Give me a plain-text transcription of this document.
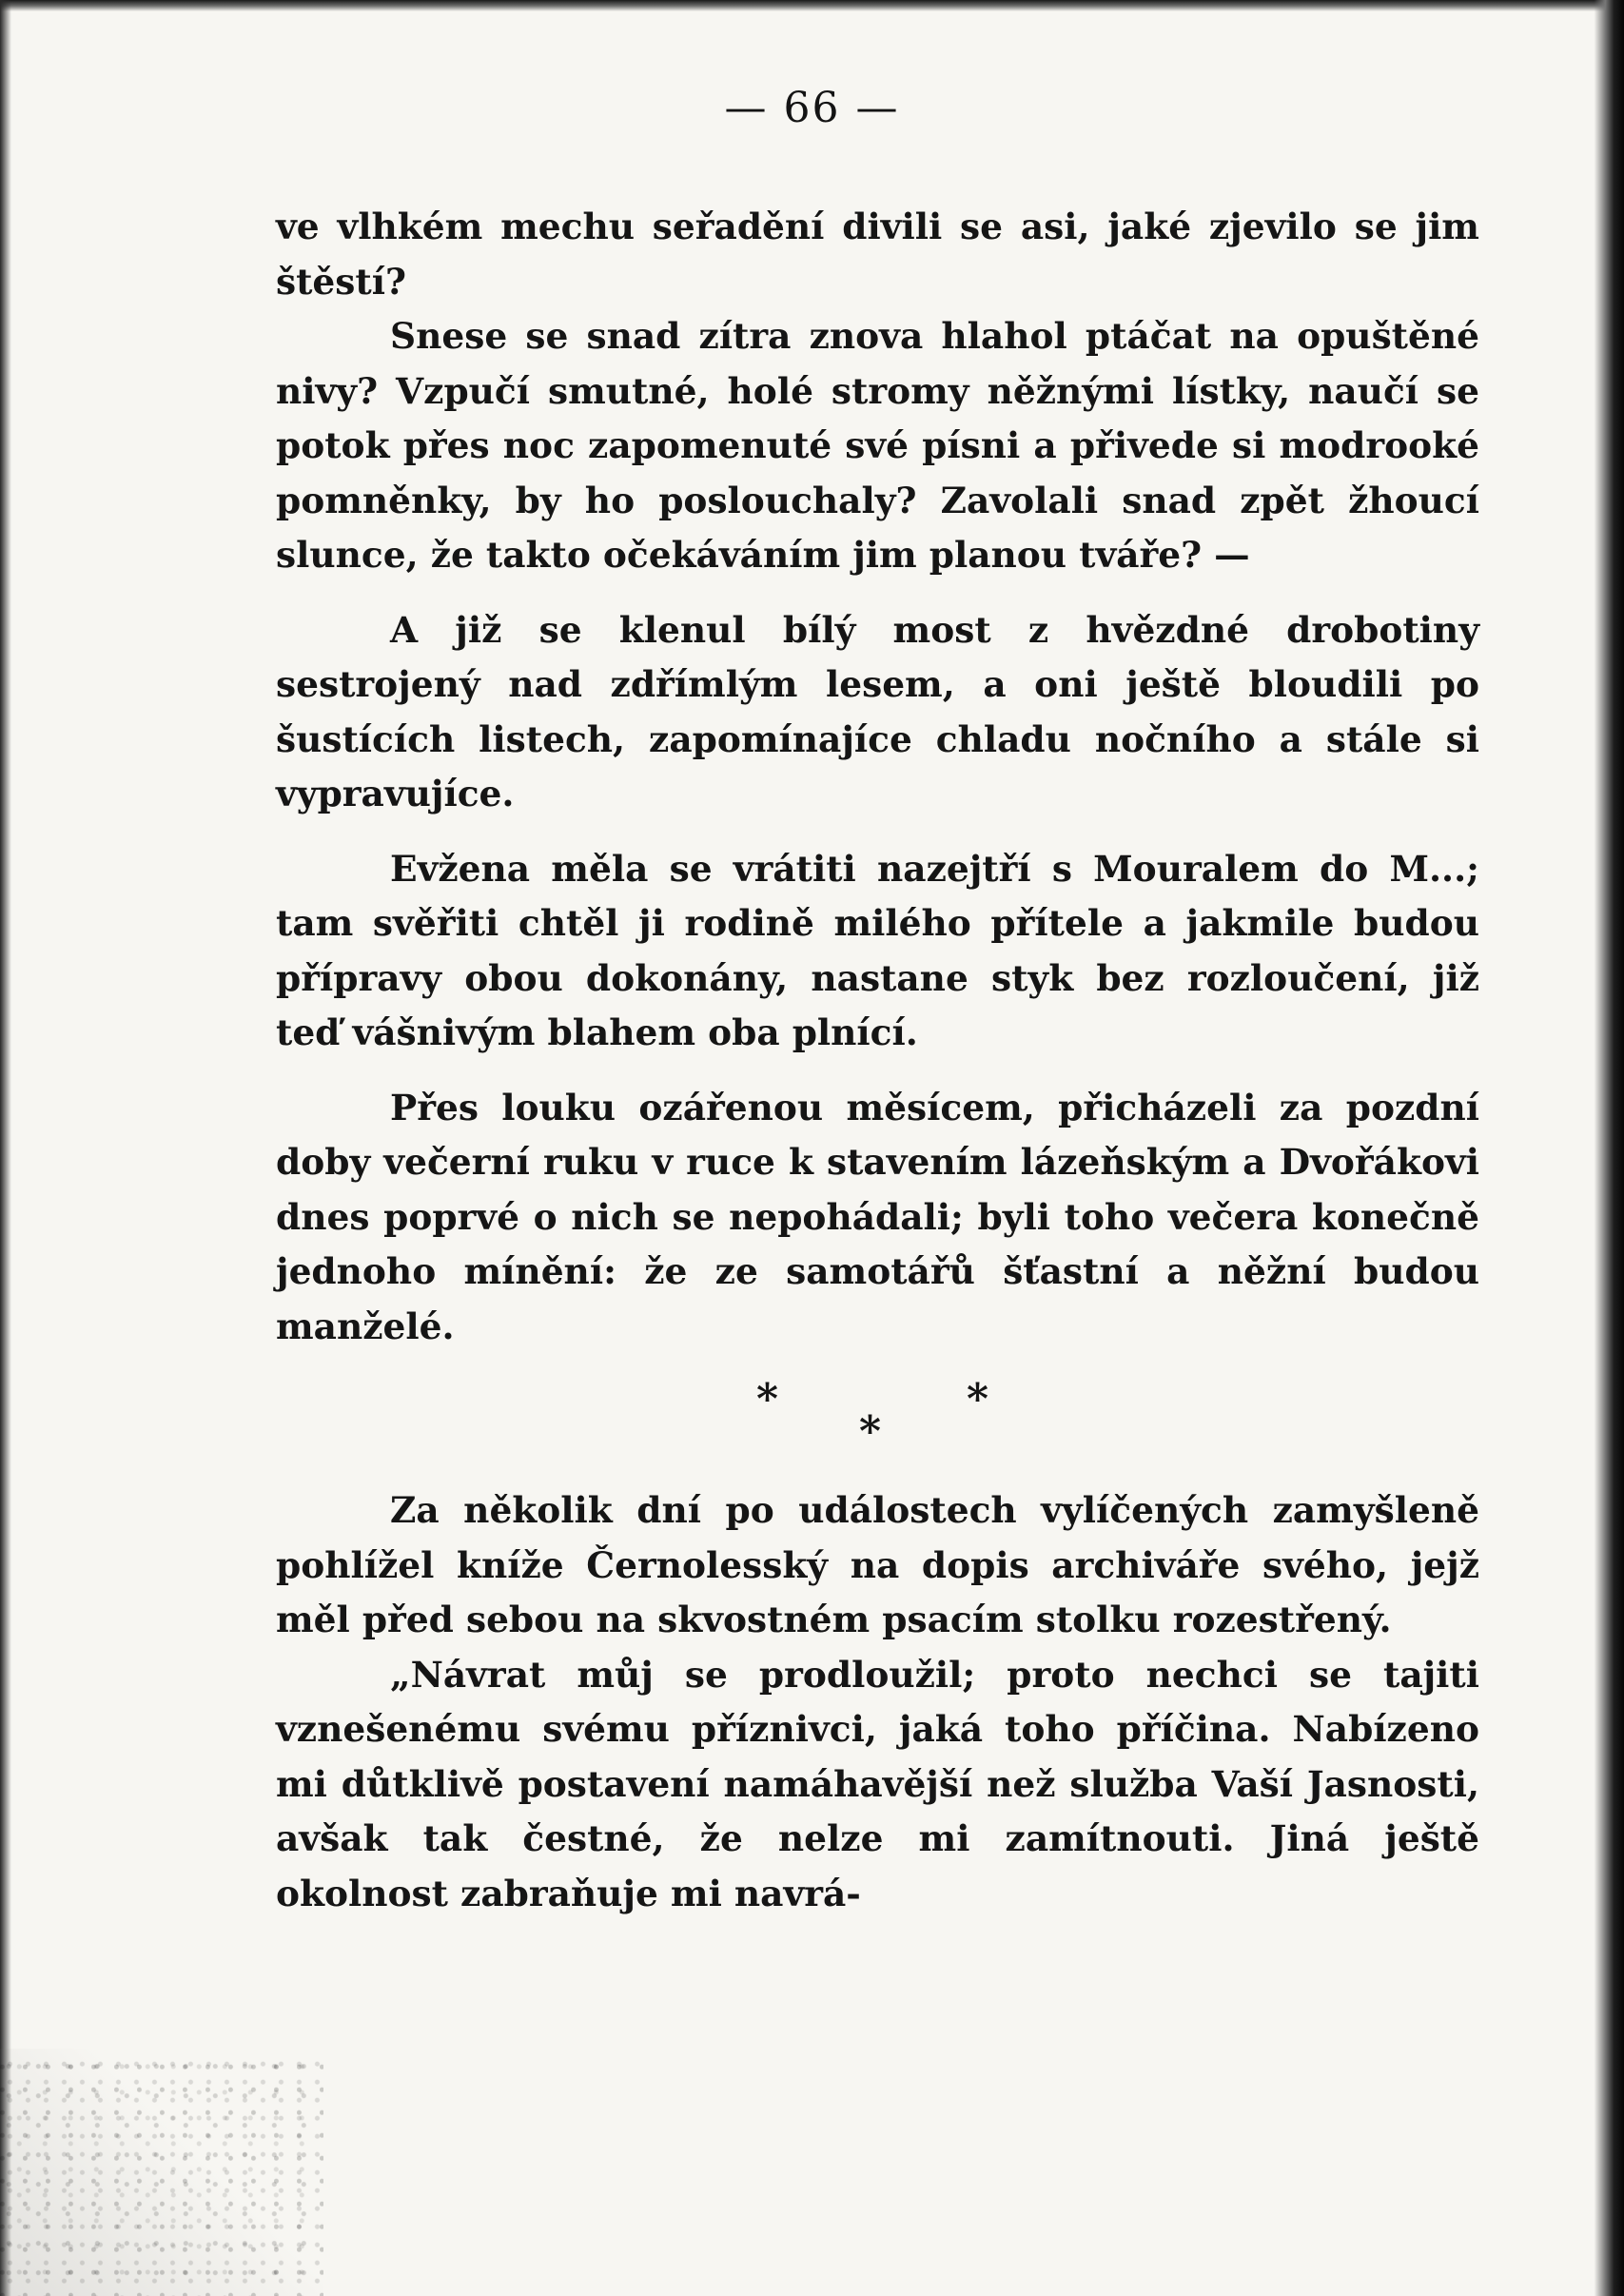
— 66 —

ve vlhkém mechu seřadění divili se asi, jaké zjevilo se jim štěstí?

Snese se snad zítra znova hlahol ptáčat na opuštěné nivy? Vzpučí smutné, holé stromy něžnými lístky, naučí se potok přes noc zapomenuté své písni a přivede si modrooké pomněnky, by ho poslouchaly? Zavolali snad zpět žhoucí slunce, že takto očekáváním jim planou tváře? —

A již se klenul bílý most z hvězdné drobotiny sestrojený nad zdřímlým lesem, a oni ještě bloudili po šustících listech, zapomínajíce chladu nočního a stále si vypravujíce.

Evžena měla se vrátiti nazejtří s Mouralem do M...; tam svěřiti chtěl ji rodině milého přítele a jakmile budou přípravy obou dokonány, nastane styk bez rozloučení, již teď vášnivým blahem oba plnící.

Přes louku ozářenou měsícem, přicházeli za pozdní doby večerní ruku v ruce k stavením lázeňským a Dvořákovi dnes poprvé o nich se nepohádali; byli toho večera konečně jednoho mínění: že ze samotářů šťastní a něžní budou manželé.

*
*
*

Za několik dní po událostech vylíčených zamyšleně pohlížel kníže Černolesský na dopis archiváře svého, jejž měl před sebou na skvostném psacím stolku rozestřený.

„Návrat můj se prodloužil; proto nechci se tajiti vznešenému svému příznivci, jaká toho příčina. Nabízeno mi důtklivě postavení namáhavější než služba Vaší Jasnosti, avšak tak čestné, že nelze mi zamítnouti. Jiná ještě okolnost zabraňuje mi navrá-
